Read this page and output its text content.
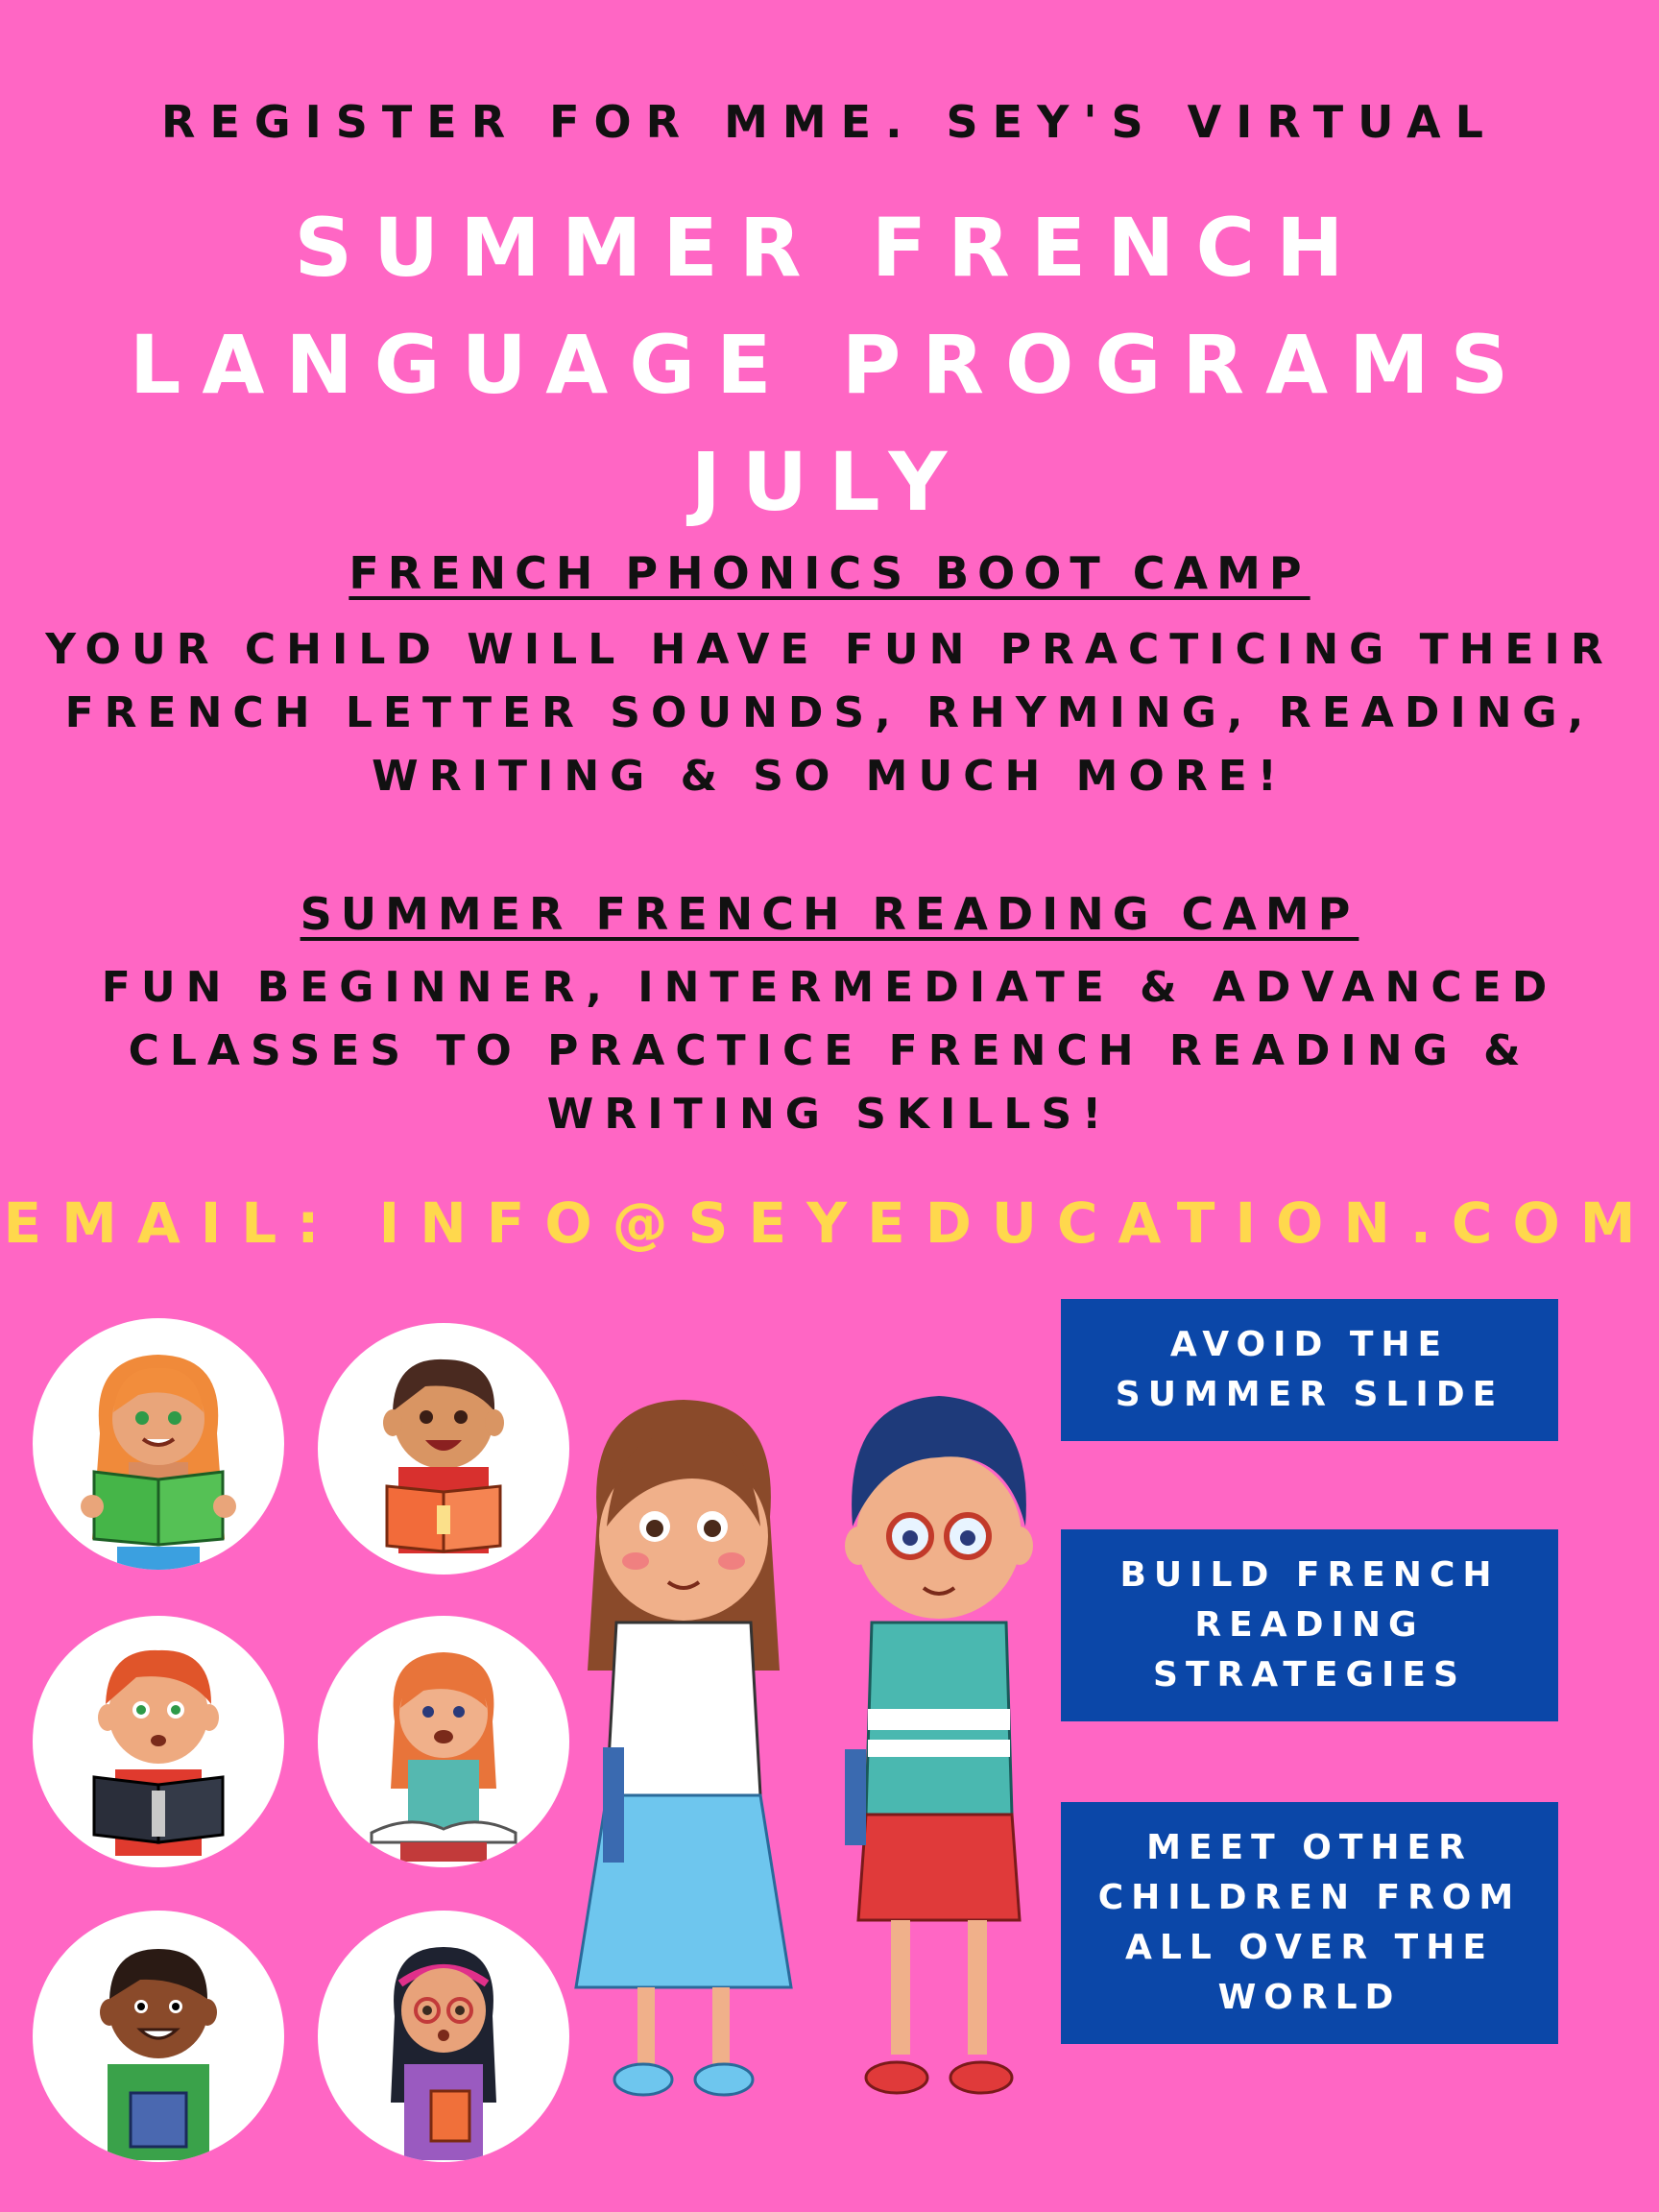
REGISTER FOR MME. SEY'S VIRTUAL

SUMMER FRENCH

LANGUAGE PROGRAMS

JULY

FRENCH PHONICS BOOT CAMP

YOUR CHILD WILL HAVE FUN PRACTICING THEIR
FRENCH LETTER SOUNDS, RHYMING, READING,
WRITING & SO MUCH MORE!

SUMMER FRENCH READING CAMP

FUN BEGINNER, INTERMEDIATE & ADVANCED
CLASSES TO PRACTICE FRENCH READING &
WRITING SKILLS!

EMAIL: INFO@SEYEDUCATION.COM

AVOID THE
SUMMER SLIDE
BUILD FRENCH
READING
STRATEGIES
MEET OTHER
CHILDREN FROM
ALL OVER THE
WORLD
